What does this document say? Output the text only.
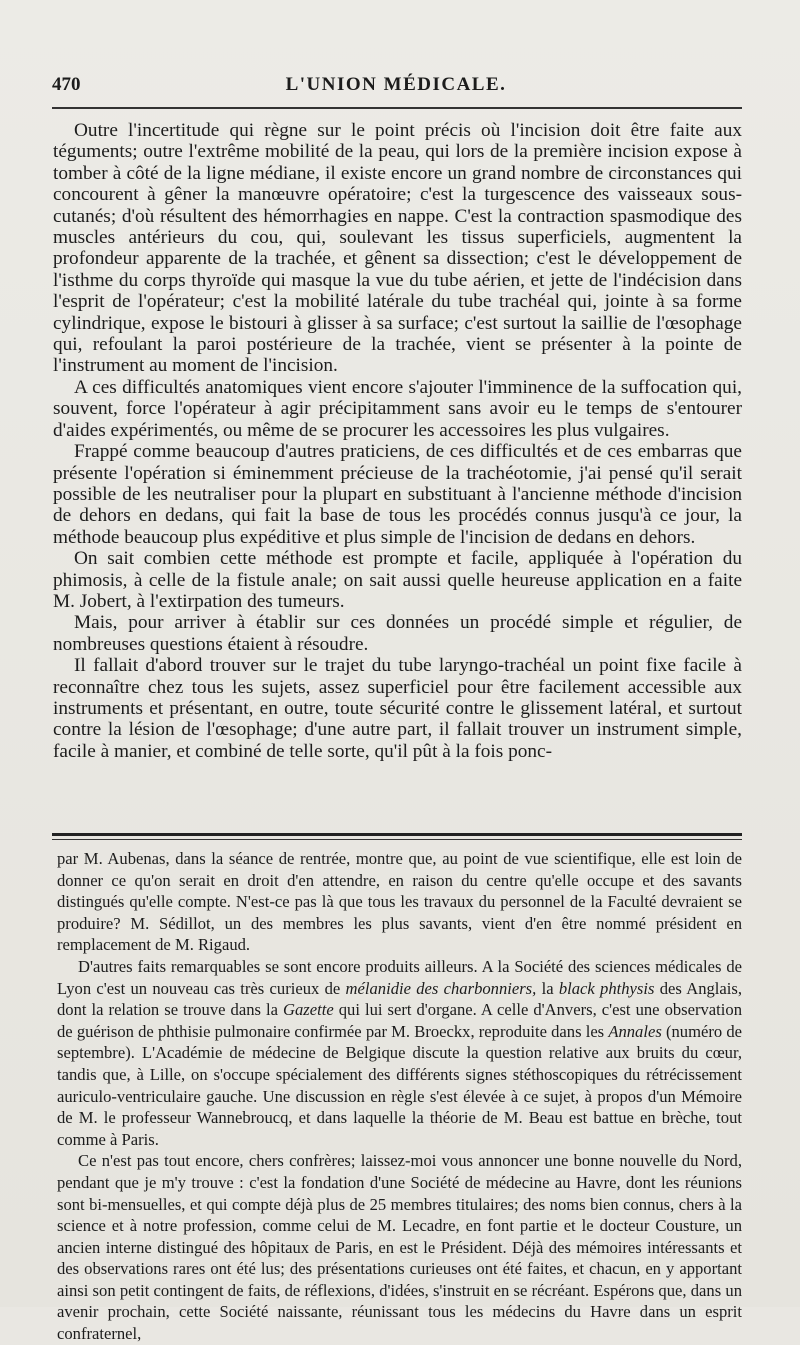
470	L'UNION MÉDICALE.

Outre l'incertitude qui règne sur le point précis où l'incision doit être faite aux téguments; outre l'extrême mobilité de la peau, qui lors de la première incision expose à tomber à côté de la ligne médiane, il existe encore un grand nombre de circonstances qui concourent à gêner la manœuvre opératoire; c'est la turgescence des vaisseaux sous-cutanés; d'où résultent des hémorrhagies en nappe. C'est la contraction spasmodique des muscles antérieurs du cou, qui, soulevant les tissus superficiels, augmentent la profondeur apparente de la trachée, et gênent sa dissection; c'est le développement de l'isthme du corps thyroïde qui masque la vue du tube aérien, et jette de l'indécision dans l'esprit de l'opérateur; c'est la mobilité latérale du tube trachéal qui, jointe à sa forme cylindrique, expose le bistouri à glisser à sa surface; c'est surtout la saillie de l'œsophage qui, refoulant la paroi postérieure de la trachée, vient se présenter à la pointe de l'instrument au moment de l'incision.

A ces difficultés anatomiques vient encore s'ajouter l'imminence de la suffocation qui, souvent, force l'opérateur à agir précipitamment sans avoir eu le temps de s'entourer d'aides expérimentés, ou même de se procurer les accessoires les plus vulgaires.

Frappé comme beaucoup d'autres praticiens, de ces difficultés et de ces embarras que présente l'opération si éminemment précieuse de la trachéotomie, j'ai pensé qu'il serait possible de les neutraliser pour la plupart en substituant à l'ancienne méthode d'incision de dehors en dedans, qui fait la base de tous les procédés connus jusqu'à ce jour, la méthode beaucoup plus expéditive et plus simple de l'incision de dedans en dehors.

On sait combien cette méthode est prompte et facile, appliquée à l'opération du phimosis, à celle de la fistule anale; on sait aussi quelle heureuse application en a faite M. Jobert, à l'extirpation des tumeurs.

Mais, pour arriver à établir sur ces données un procédé simple et régulier, de nombreuses questions étaient à résoudre.

Il fallait d'abord trouver sur le trajet du tube laryngo-trachéal un point fixe facile à reconnaître chez tous les sujets, assez superficiel pour être facilement accessible aux instruments et présentant, en outre, toute sécurité contre le glissement latéral, et surtout contre la lésion de l'œsophage; d'une autre part, il fallait trouver un instrument simple, facile à manier, et combiné de telle sorte, qu'il pût à la fois ponc-

par M. Aubenas, dans la séance de rentrée, montre que, au point de vue scientifique, elle est loin de donner ce qu'on serait en droit d'en attendre, en raison du centre qu'elle occupe et des savants distingués qu'elle compte. N'est-ce pas là que tous les travaux du personnel de la Faculté devraient se produire? M. Sédillot, un des membres les plus savants, vient d'en être nommé président en remplacement de M. Rigaud.

D'autres faits remarquables se sont encore produits ailleurs. A la Société des sciences médicales de Lyon c'est un nouveau cas très curieux de mélanidie des charbonniers, la black phthysis des Anglais, dont la relation se trouve dans la Gazette qui lui sert d'organe. A celle d'Anvers, c'est une observation de guérison de phthisie pulmonaire confirmée par M. Broeckx, reproduite dans les Annales (numéro de septembre). L'Académie de médecine de Belgique discute la question relative aux bruits du cœur, tandis que, à Lille, on s'occupe spécialement des différents signes stéthoscopiques du rétrécissement auriculo-ventriculaire gauche. Une discussion en règle s'est élevée à ce sujet, à propos d'un Mémoire de M. le professeur Wannebroucq, et dans laquelle la théorie de M. Beau est battue en brèche, tout comme à Paris.

Ce n'est pas tout encore, chers confrères; laissez-moi vous annoncer une bonne nouvelle du Nord, pendant que je m'y trouve : c'est la fondation d'une Société de médecine au Havre, dont les réunions sont bi-mensuelles, et qui compte déjà plus de 25 membres titulaires; des noms bien connus, chers à la science et à notre profession, comme celui de M. Lecadre, en font partie et le docteur Cousture, un ancien interne distingué des hôpitaux de Paris, en est le Président. Déjà des mémoires intéressants et des observations rares ont été lus; des présentations curieuses ont été faites, et chacun, en y apportant ainsi son petit contingent de faits, de réflexions, d'idées, s'instruit en se récréant. Espérons que, dans un avenir prochain, cette Société naissante, réunissant tous les médecins du Havre dans un esprit confraternel,
